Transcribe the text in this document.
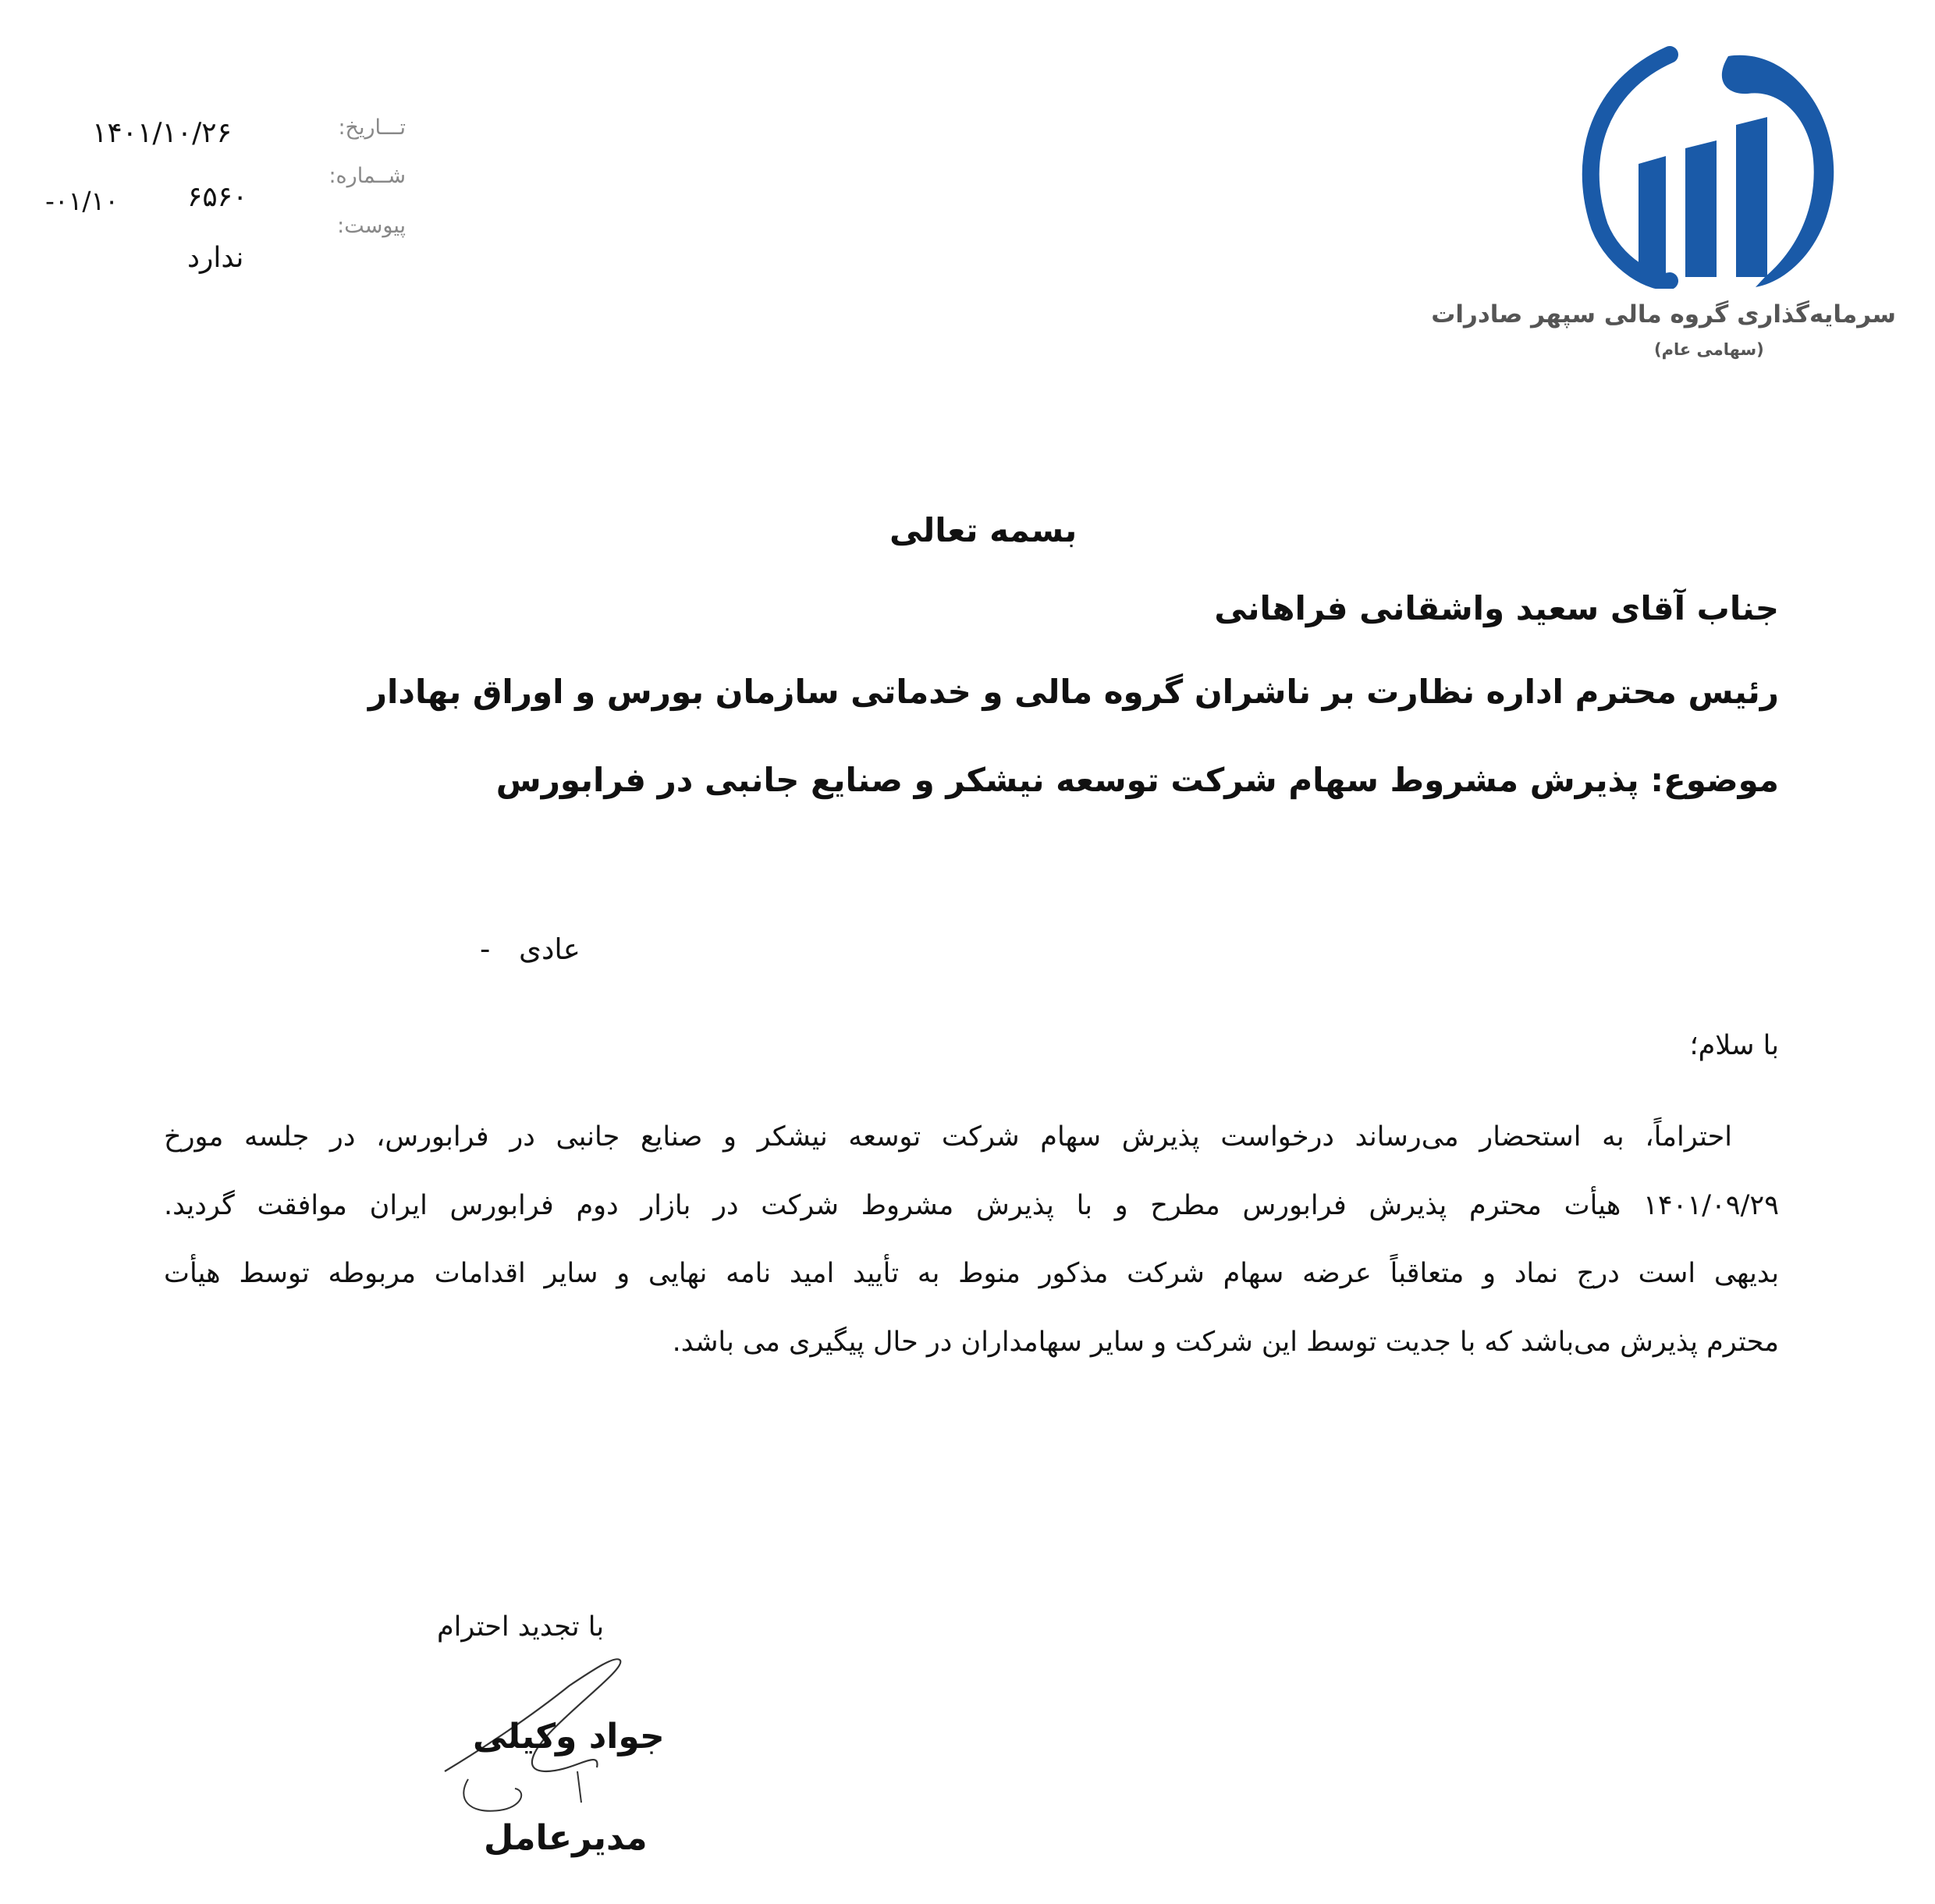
تـــاریخ:
۱۴۰۱/۱۰/۲۶
شــماره:
۶۵۶۰
۰۱/۱۰-
پیوست:
ندارد
سرمایه‌گذاری گروه مالی سپهر صادرات
(سهامی عام)
بسمه تعالی
جناب آقای سعید واشقانی فراهانی
رئیس محترم اداره نظارت بر ناشران گروه مالی و خدماتی سازمان بورس و اوراق بهادار
موضوع: پذیرش مشروط سهام شرکت توسعه نیشکر و صنایع جانبی در فرابورس
عادی
-
با سلام؛
احتراماً، به استحضار می‌رساند درخواست پذیرش سهام شرکت توسعه نیشکر و صنایع جانبی در فرابورس، در جلسه مورخ
۱۴۰۱/۰۹/۲۹ هیأت محترم پذیرش فرابورس مطرح و با پذیرش مشروط شرکت در بازار دوم فرابورس ایران موافقت گردید.
بدیهی است درج نماد و متعاقباً عرضه سهام شرکت مذکور منوط به تأیید امید نامه نهایی و سایر اقدامات مربوطه توسط هیأت
محترم پذیرش می‌باشد که با جدیت توسط این شرکت و سایر سهامداران در حال پیگیری می باشد.
با تجدید احترام
جواد وکیلی
مدیرعامل
